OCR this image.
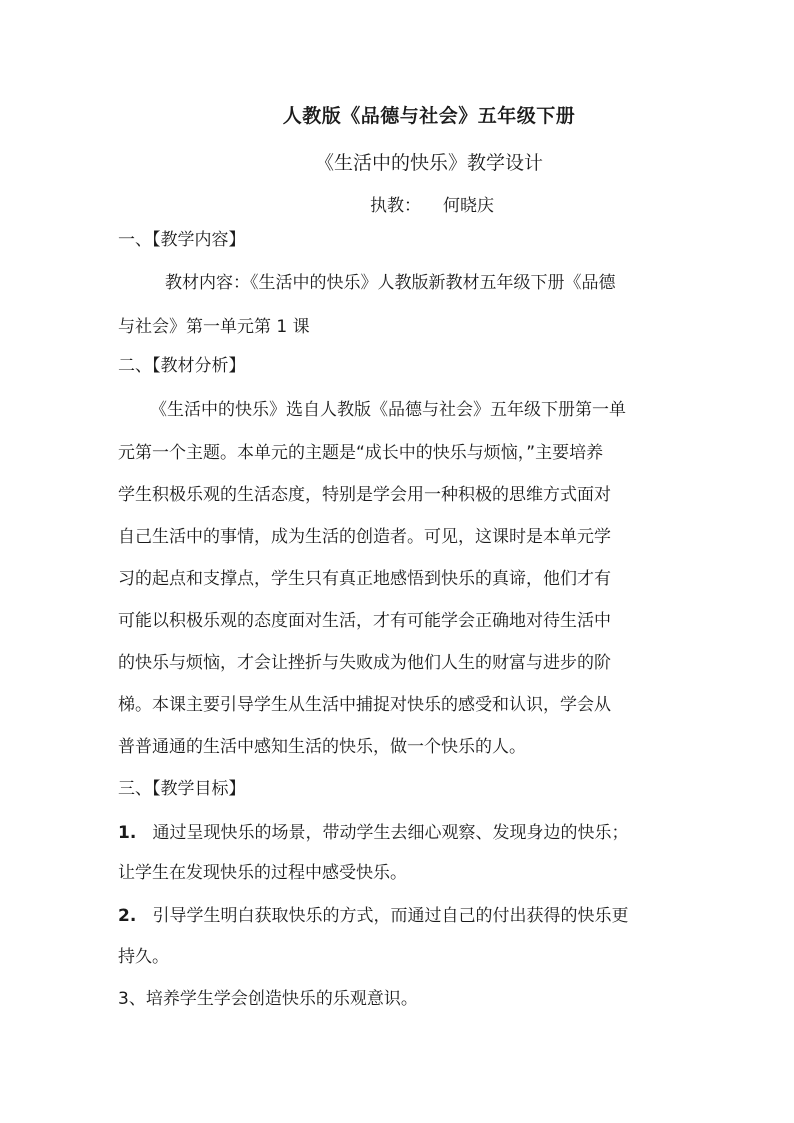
人教版《品德与社会》五年级下册
《生活中的快乐》教学设计
执教： 何晓庆
一、【教学内容】
教材内容：《生活中的快乐》人教版新教材五年级下册《品德
与社会》第一单元第 1 课
二、【教材分析】
《生活中的快乐》选自人教版《品德与社会》五年级下册第一单
元第一个主题。本单元的主题是“成长中的快乐与烦恼，”主要培养
学生积极乐观的生活态度，特别是学会用一种积极的思维方式面对
自己生活中的事情，成为生活的创造者。可见，这课时是本单元学
习的起点和支撑点，学生只有真正地感悟到快乐的真谛，他们才有
可能以积极乐观的态度面对生活，才有可能学会正确地对待生活中
的快乐与烦恼，才会让挫折与失败成为他们人生的财富与进步的阶
梯。本课主要引导学生从生活中捕捉对快乐的感受和认识，学会从
普普通通的生活中感知生活的快乐，做一个快乐的人。
三、【教学目标】
1. 通过呈现快乐的场景，带动学生去细心观察、发现身边的快乐；
让学生在发现快乐的过程中感受快乐。
2. 引导学生明白获取快乐的方式，而通过自己的付出获得的快乐更
持久。
3、培养学生学会创造快乐的乐观意识。
